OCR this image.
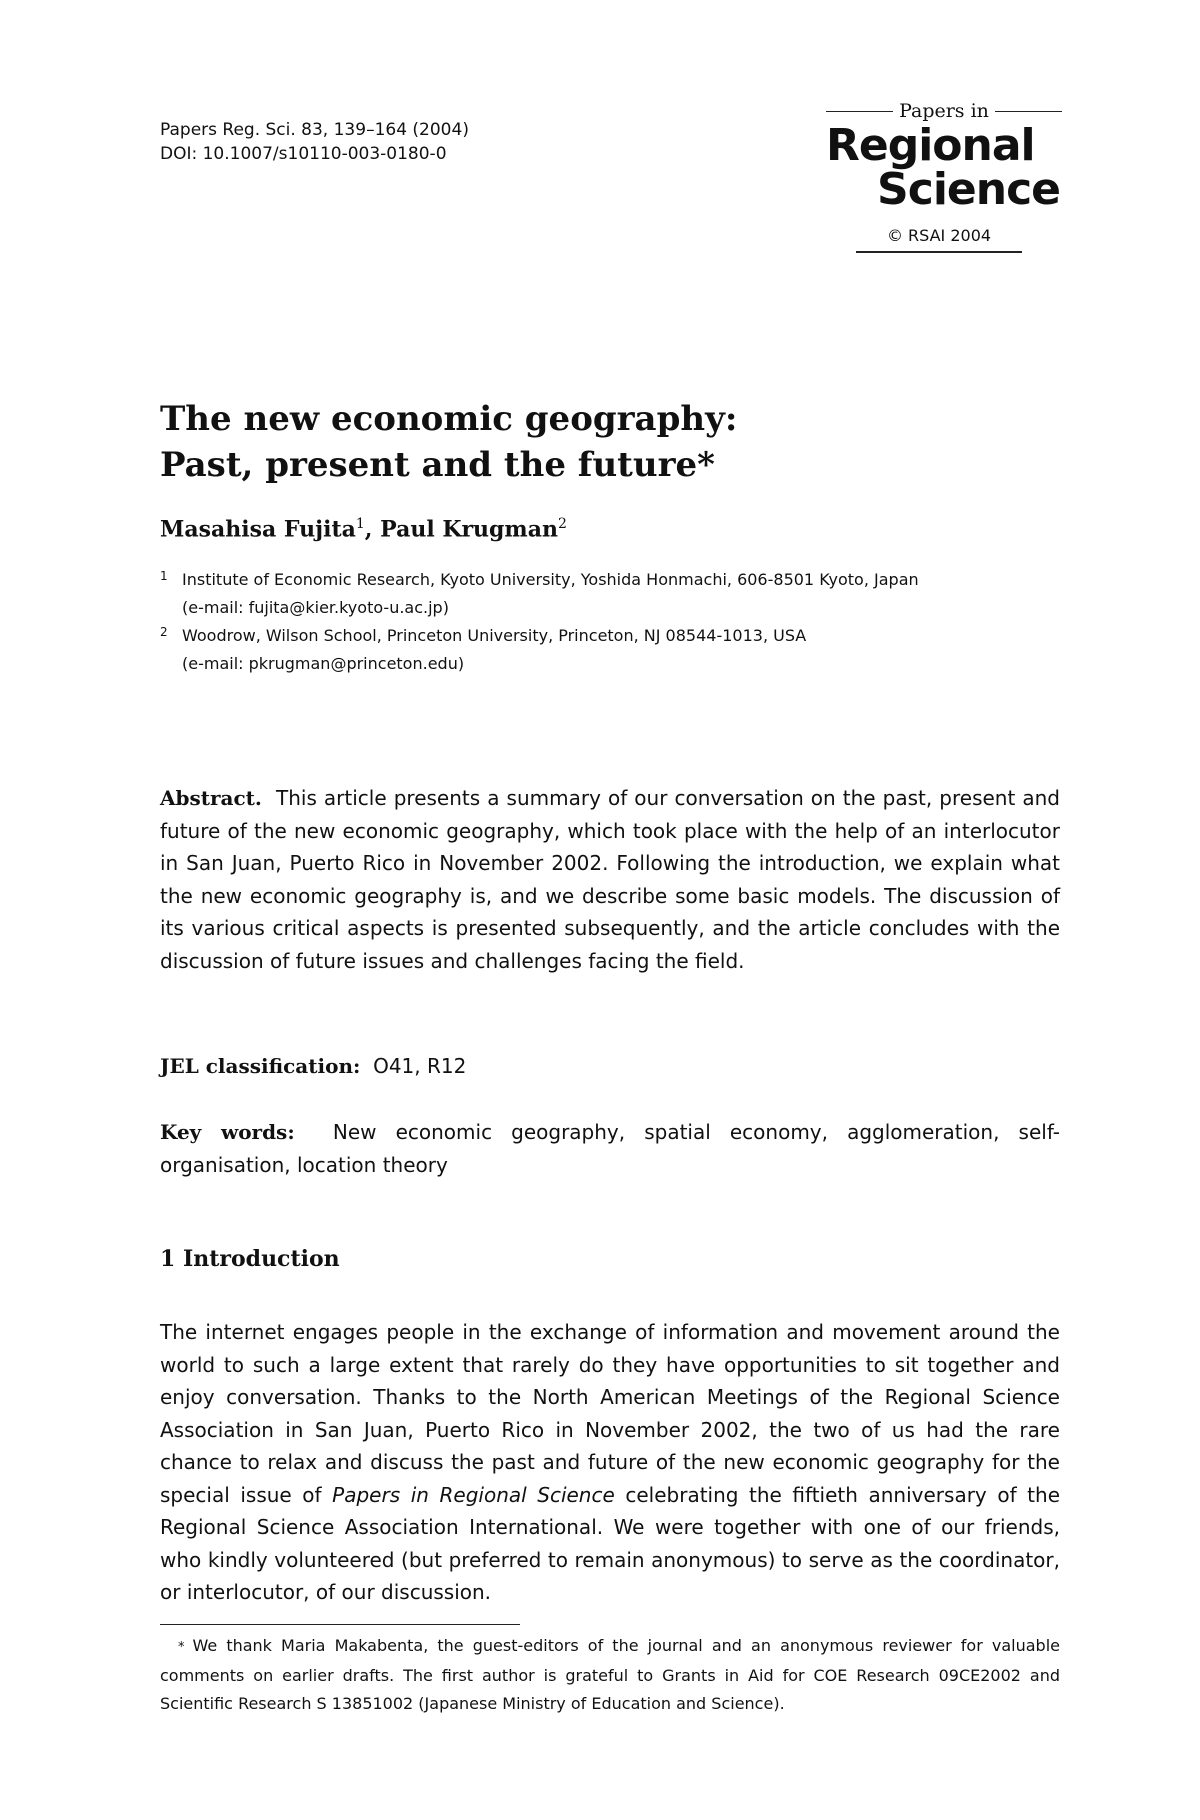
Papers Reg. Sci. 83, 139–164 (2004)
DOI: 10.1007/s10110-003-0180-0
Papers in
Regional
Science
© RSAI 2004
The new economic geography:
Past, present and the future*
Masahisa Fujita$^1$, Paul Krugman$^2$
1 Institute of Economic Research, Kyoto University, Yoshida Honmachi, 606-8501 Kyoto, Japan
(e-mail: fujita@kier.kyoto-u.ac.jp)
2 Woodrow, Wilson School, Princeton University, Princeton, NJ 08544-1013, USA
(e-mail: pkrugman@princeton.edu)

Abstract. This article presents a summary of our conversation on the past, present and future of the new economic geography, which took place with the help of an interlocutor in San Juan, Puerto Rico in November 2002. Following the introduction, we explain what the new economic geography is, and we describe some basic models. The discussion of its various critical aspects is presented subsequently, and the article concludes with the discussion of future issues and challenges facing the field.

JEL classification: O41, R12

Key words: New economic geography, spatial economy, agglomeration, self-organisation, location theory

1 Introduction

The internet engages people in the exchange of information and movement around the world to such a large extent that rarely do they have opportunities to sit together and enjoy conversation. Thanks to the North American Meetings of the Regional Science Association in San Juan, Puerto Rico in November 2002, the two of us had the rare chance to relax and discuss the past and future of the new economic geography for the special issue of Papers in Regional Science celebrating the fiftieth anniversary of the Regional Science Association International. We were together with one of our friends, who kindly volunteered (but preferred to remain anonymous) to serve as the coordinator, or interlocutor, of our discussion.

* We thank Maria Makabenta, the guest-editors of the journal and an anonymous reviewer for valuable comments on earlier drafts. The first author is grateful to Grants in Aid for COE Research 09CE2002 and Scientific Research S 13851002 (Japanese Ministry of Education and Science).
